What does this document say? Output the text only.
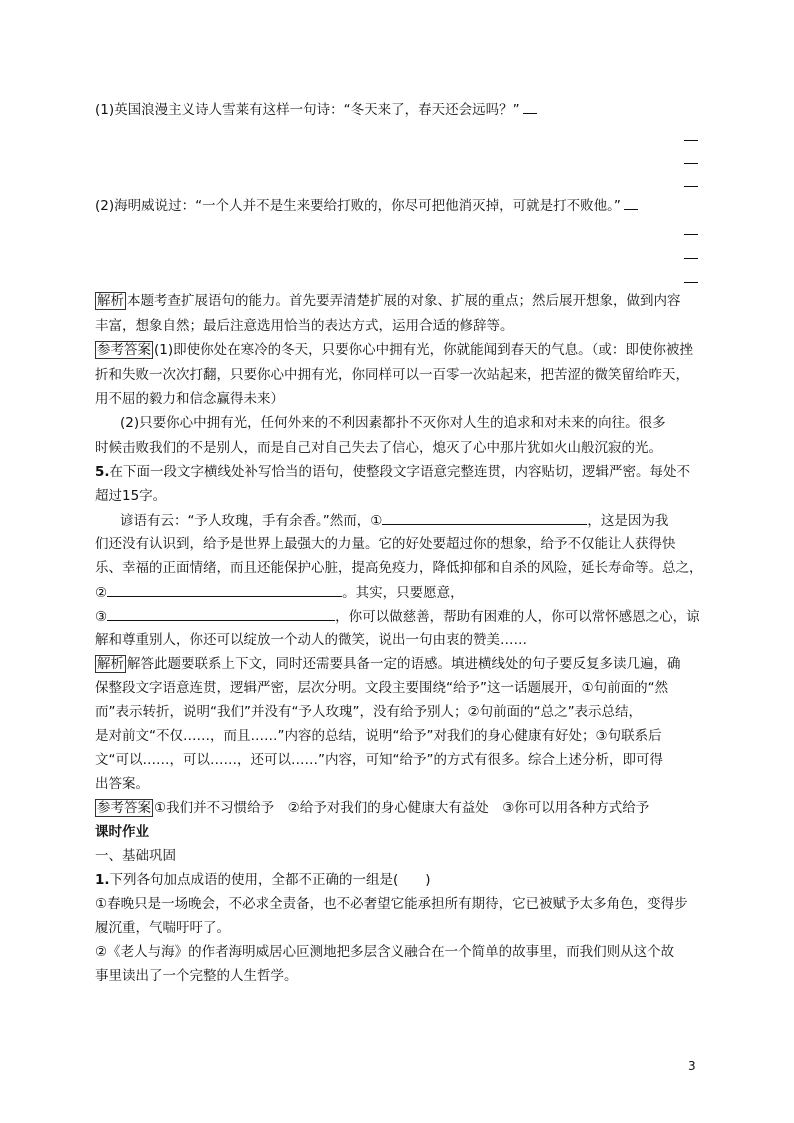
(1)英国浪漫主义诗人雪莱有这样一句诗：“冬天来了，春天还会远吗？”
(2)海明威说过：“一个人并不是生来要给打败的，你尽可把他消灭掉，可就是打不败他。”
解析 本题考查扩展语句的能力。首先要弄清楚扩展的对象、扩展的重点；然后展开想象，做到内容
丰富，想象自然；最后注意选用恰当的表达方式，运用合适的修辞等。
参考答案 (1)即使你处在寒冷的冬天，只要你心中拥有光，你就能闻到春天的气息。（或：即使你被挫
折和失败一次次打翻，只要你心中拥有光，你同样可以一百零一次站起来，把苦涩的微笑留给昨天，
用不屈的毅力和信念赢得未来）
(2)只要你心中拥有光，任何外来的不利因素都扑不灭你对人生的追求和对未来的向往。很多
时候击败我们的不是别人，而是自己对自己失去了信心，熄灭了心中那片犹如火山般沉寂的光。
5.在下面一段文字横线处补写恰当的语句，使整段文字语意完整连贯，内容贴切，逻辑严密。每处不
超过15字。
谚语有云：“予人玫瑰，手有余香。”然而，①	，这是因为我
们还没有认识到，给予是世界上最强大的力量。它的好处要超过你的想象，给予不仅能让人获得快
乐、幸福的正面情绪，而且还能保护心脏，提高免疫力，降低抑郁和自杀的风险，延长寿命等。总之，
②	。其实，只要愿意，
③	，你可以做慈善，帮助有困难的人，你可以常怀感恩之心，谅
解和尊重别人，你还可以绽放一个动人的微笑，说出一句由衷的赞美……
解析 解答此题要联系上下文，同时还需要具备一定的语感。填进横线处的句子要反复多读几遍，确
保整段文字语意连贯，逻辑严密，层次分明。文段主要围绕“给予”这一话题展开，①句前面的“然
而”表示转折，说明“我们”并没有“予人玫瑰”，没有给予别人；②句前面的“总之”表示总结，
是对前文“不仅……，而且……”内容的总结，说明“给予”对我们的身心健康有好处；③句联系后
文“可以……，可以……，还可以……”内容，可知“给予”的方式有很多。综合上述分析，即可得
出答案。
参考答案 ①我们并不习惯给予　②给予对我们的身心健康大有益处　③你可以用各种方式给予
课时作业
一、基础巩固
1.下列各句加点成语的使用，全都不正确的一组是(　　)
①春晚只是一场晚会，不必求全责备，也不必奢望它能承担所有期待，它已被赋予太多角色，变得步
履沉重，气喘吁吁了。
②《老人与海》的作者海明威居心叵测地把多层含义融合在一个简单的故事里，而我们则从这个故
事里读出了一个完整的人生哲学。
3
